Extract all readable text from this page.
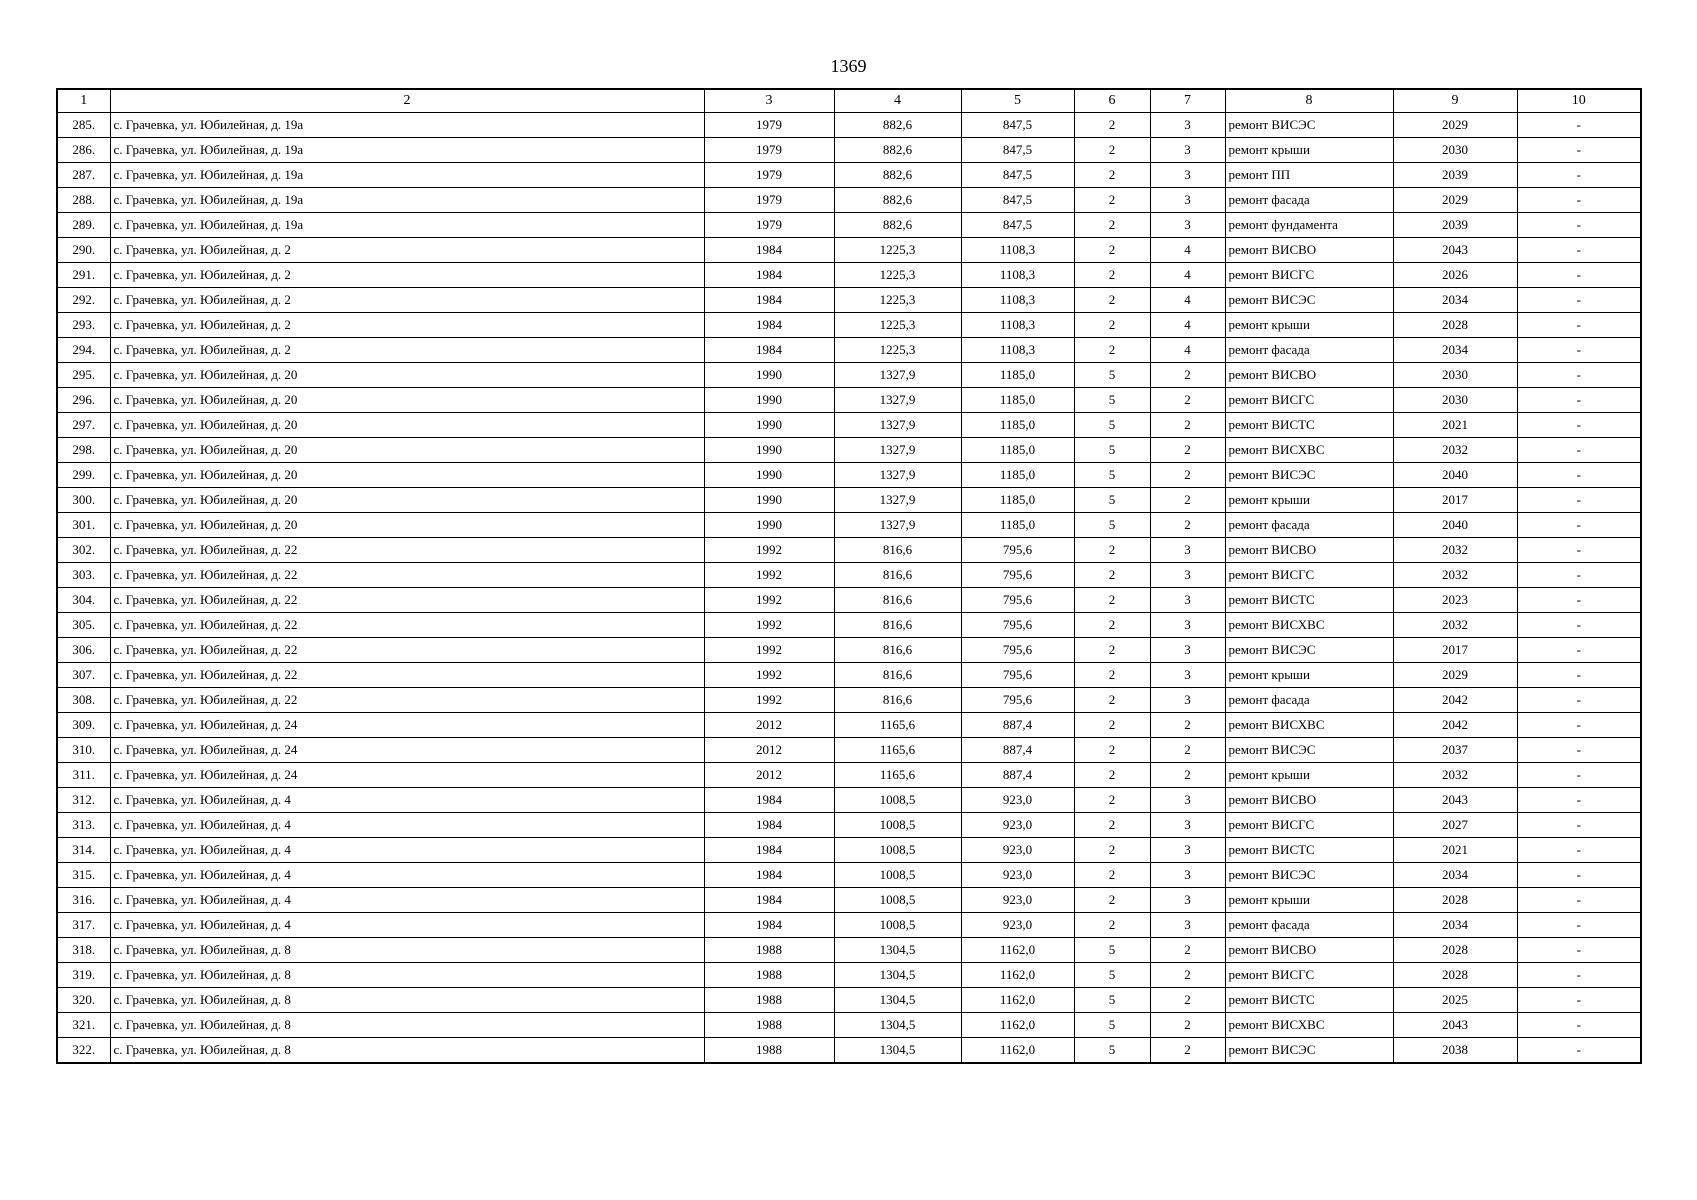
1369
1	2	3	4	5	6	7	8	9	10
285.	с. Грачевка, ул. Юбилейная, д. 19а	1979	882,6	847,5	2	3	ремонт ВИСЭС	2029	-
286.	с. Грачевка, ул. Юбилейная, д. 19а	1979	882,6	847,5	2	3	ремонт крыши	2030	-
287.	с. Грачевка, ул. Юбилейная, д. 19а	1979	882,6	847,5	2	3	ремонт ПП	2039	-
288.	с. Грачевка, ул. Юбилейная, д. 19а	1979	882,6	847,5	2	3	ремонт фасада	2029	-
289.	с. Грачевка, ул. Юбилейная, д. 19а	1979	882,6	847,5	2	3	ремонт фундамента	2039	-
290.	с. Грачевка, ул. Юбилейная, д. 2	1984	1225,3	1108,3	2	4	ремонт ВИСВО	2043	-
291.	с. Грачевка, ул. Юбилейная, д. 2	1984	1225,3	1108,3	2	4	ремонт ВИСГС	2026	-
292.	с. Грачевка, ул. Юбилейная, д. 2	1984	1225,3	1108,3	2	4	ремонт ВИСЭС	2034	-
293.	с. Грачевка, ул. Юбилейная, д. 2	1984	1225,3	1108,3	2	4	ремонт крыши	2028	-
294.	с. Грачевка, ул. Юбилейная, д. 2	1984	1225,3	1108,3	2	4	ремонт фасада	2034	-
295.	с. Грачевка, ул. Юбилейная, д. 20	1990	1327,9	1185,0	5	2	ремонт ВИСВО	2030	-
296.	с. Грачевка, ул. Юбилейная, д. 20	1990	1327,9	1185,0	5	2	ремонт ВИСГС	2030	-
297.	с. Грачевка, ул. Юбилейная, д. 20	1990	1327,9	1185,0	5	2	ремонт ВИСТС	2021	-
298.	с. Грачевка, ул. Юбилейная, д. 20	1990	1327,9	1185,0	5	2	ремонт ВИСХВС	2032	-
299.	с. Грачевка, ул. Юбилейная, д. 20	1990	1327,9	1185,0	5	2	ремонт ВИСЭС	2040	-
300.	с. Грачевка, ул. Юбилейная, д. 20	1990	1327,9	1185,0	5	2	ремонт крыши	2017	-
301.	с. Грачевка, ул. Юбилейная, д. 20	1990	1327,9	1185,0	5	2	ремонт фасада	2040	-
302.	с. Грачевка, ул. Юбилейная, д. 22	1992	816,6	795,6	2	3	ремонт ВИСВО	2032	-
303.	с. Грачевка, ул. Юбилейная, д. 22	1992	816,6	795,6	2	3	ремонт ВИСГС	2032	-
304.	с. Грачевка, ул. Юбилейная, д. 22	1992	816,6	795,6	2	3	ремонт ВИСТС	2023	-
305.	с. Грачевка, ул. Юбилейная, д. 22	1992	816,6	795,6	2	3	ремонт ВИСХВС	2032	-
306.	с. Грачевка, ул. Юбилейная, д. 22	1992	816,6	795,6	2	3	ремонт ВИСЭС	2017	-
307.	с. Грачевка, ул. Юбилейная, д. 22	1992	816,6	795,6	2	3	ремонт крыши	2029	-
308.	с. Грачевка, ул. Юбилейная, д. 22	1992	816,6	795,6	2	3	ремонт фасада	2042	-
309.	с. Грачевка, ул. Юбилейная, д. 24	2012	1165,6	887,4	2	2	ремонт ВИСХВС	2042	-
310.	с. Грачевка, ул. Юбилейная, д. 24	2012	1165,6	887,4	2	2	ремонт ВИСЭС	2037	-
311.	с. Грачевка, ул. Юбилейная, д. 24	2012	1165,6	887,4	2	2	ремонт крыши	2032	-
312.	с. Грачевка, ул. Юбилейная, д. 4	1984	1008,5	923,0	2	3	ремонт ВИСВО	2043	-
313.	с. Грачевка, ул. Юбилейная, д. 4	1984	1008,5	923,0	2	3	ремонт ВИСГС	2027	-
314.	с. Грачевка, ул. Юбилейная, д. 4	1984	1008,5	923,0	2	3	ремонт ВИСТС	2021	-
315.	с. Грачевка, ул. Юбилейная, д. 4	1984	1008,5	923,0	2	3	ремонт ВИСЭС	2034	-
316.	с. Грачевка, ул. Юбилейная, д. 4	1984	1008,5	923,0	2	3	ремонт крыши	2028	-
317.	с. Грачевка, ул. Юбилейная, д. 4	1984	1008,5	923,0	2	3	ремонт фасада	2034	-
318.	с. Грачевка, ул. Юбилейная, д. 8	1988	1304,5	1162,0	5	2	ремонт ВИСВО	2028	-
319.	с. Грачевка, ул. Юбилейная, д. 8	1988	1304,5	1162,0	5	2	ремонт ВИСГС	2028	-
320.	с. Грачевка, ул. Юбилейная, д. 8	1988	1304,5	1162,0	5	2	ремонт ВИСТС	2025	-
321.	с. Грачевка, ул. Юбилейная, д. 8	1988	1304,5	1162,0	5	2	ремонт ВИСХВС	2043	-
322.	с. Грачевка, ул. Юбилейная, д. 8	1988	1304,5	1162,0	5	2	ремонт ВИСЭС	2038	-
